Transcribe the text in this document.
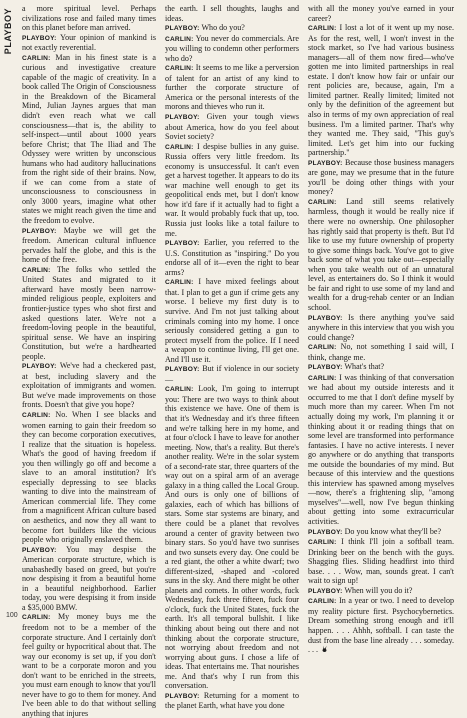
PLAYBOY a more spiritual level. Perhaps civilizations rose and failed many times on this planet before man arrived.

PLAYBOY: Your opinion of mankind is not exactly reverential.

CARLIN: Man in his finest state is a curious and investigative creature capable of the magic of creativity. In a book called The Origin of Consciousness in the Breakdown of the Bicameral Mind, Julian Jaynes argues that man didn't even reach what we call consciousness—that is, the ability to self-inspect—until about 1000 years before Christ; that The Iliad and The Odyssey were written by unconscious humans who had auditory hallucinations from the right side of their brains. Now, if we can come from a state of unconsciousness to consciousness in only 3000 years, imagine what other states we might reach given the time and the freedom to evolve.

PLAYBOY: Maybe we will get the freedom. American cultural influence pervades half the globe, and this is the home of the free.

CARLIN: The folks who settled the United States and migrated to it afterward have mostly been narrow-minded religious people, exploiters and frontier-justice types who shot first and asked questions later. We're not a freedom-loving people in the beautiful, spiritual sense. We have an inspiring Constitution, but we're a hardhearted people.

PLAYBOY: We've had a checkered past, at best, including slavery and the exploitation of immigrants and women. But we've made improvements on those fronts. Doesn't that give you hope?

CARLIN: No. When I see blacks and women earning to gain their freedom so they can become corporation executives, I realize that the situation is hopeless. What's the good of having freedom if you then willingly go off and become a slave to an amoral institution? It's especially depressing to see blacks wanting to dive into the mainstream of American commercial life. They come from a magnificent African culture based on aesthetics, and now they all want to become fort builders like the vicious people who originally enslaved them.

PLAYBOY: You may despise the American corporate structure, which is unabashedly based on greed, but you're now despising it from a beautiful home in a beautiful neighborhood. Earlier today, you were despising it from inside a $35,000 BMW.

CARLIN: My money buys me the freedom not to be a member of the corporate structure. And I certainly don't feel guilty or hypocritical about that. The way our economy is set up, if you don't want to be a corporate moron and you don't want to be enriched in the streets, you must earn enough to know that you'll never have to go to them for money. And I've been able to do that without selling anything that injures

the earth. I sell thoughts, laughs and ideas.

PLAYBOY: Who do you?

CARLIN: You never do commercials. Are you willing to condemn other performers who do?

CARLIN: It seems to me like a perversion of talent for an artist of any kind to further the corporate structure of America or the personal interests of the morons and thieves who run it.

PLAYBOY: Given your tough views about America, how do you feel about Soviet society?

CARLIN: I despise bullies in any guise. Russia offers very little freedom. Its economy is unsuccessful. It can't even get a harvest together. It appears to do its war machine well enough to get its geopolitical ends met, but I don't know how it'd fare if it actually had to fight a war. It would probably fuck that up, too. Russia just looks like a total failure to me.

PLAYBOY: Earlier, you referred to the U.S. Constitution as "inspiring." Do you endorse all of it—even the right to bear arms?

CARLIN: I have mixed feelings about that. I plan to get a gun if crime gets any worse. I believe my first duty is to survive. And I'm not just talking about criminals coming into my home. I once seriously considered getting a gun to protect myself from the police. If I need a weapon to continue living, I'll get one. And I'll use it.

PLAYBOY: But if violence in our society—

CARLIN: Look, I'm going to interrupt you: There are two ways to think about this existence we have. One of them is that it's Wednesday and it's three fifteen and we're talking here in my home, and at four o'clock I have to leave for another meeting. Now, that's a reality. But there's another reality. We're in the solar system of a second-rate star, three quarters of the way out on a spiral arm of an average galaxy in a thing called the Local Group. And ours is only one of billions of galaxies, each of which has billions of stars. Some star systems are binary, and there could be a planet that revolves around a center of gravity between two binary stars. So you'd have two sunrises and two sunsets every day. One could be a red giant, the other a white dwarf; two different-sized, -shaped and -colored suns in the sky. And there might be other planets and comets. In other words, fuck Wednesday, fuck three fifteen, fuck four o'clock, fuck the United States, fuck the earth. It's all temporal bullshit. I like thinking about being out there and not thinking about the corporate structure, not worrying about freedom and not worrying about guns. I chose a life of ideas. That entertains me. That nourishes me. And that's why I run from this conversation.

PLAYBOY: Returning for a moment to the planet Earth, what have you done

with all the money you've earned in your career?

CARLIN: I lost a lot of it went up my nose. As for the rest, well, I won't invest in the stock market, so I've had various business managers—all of them now fired—who've gotten me into limited partnerships in real estate. I don't know how fair or unfair our rent policies are, because, again, I'm a limited partner. Really limited; limited not only by the definition of the agreement but also in terms of my own appreciation of real business. I'm a limited partner. That's why they wanted me. They said, "This guy's limited. Let's get him into our fucking partnership."

PLAYBOY: Because those business managers are gone, may we presume that in the future you'll be doing other things with your money?

CARLIN: Land still seems relatively harmless, though it would be really nice if there were no ownership. One philosopher has rightly said that property is theft. But I'd like to use my future ownership of property to give some things back. You've got to give back some of what you take out—especially when you take wealth out of an unnatural level, as entertainers do. So I think it would be fair and right to use some of my land and wealth for a drug-rehab center or an Indian school.

PLAYBOY: Is there anything you've said anywhere in this interview that you wish you could change?

CARLIN: No, not something I said will, I think, change me.

PLAYBOY: What's that?

CARLIN: I was thinking of that conversation we had about my outside interests and it occurred to me that I don't define myself by much more than my career. When I'm not actually doing my work, I'm planning it or thinking about it or reading things that on some level are transformed into performance fantasies. I have no active interests. I never go anywhere or do anything that transports me outside the boundaries of my mind. But because of this interview and the questions this interview has spawned among myselves—now, there's a frightening slip, "among myselves"—well, now I've begun thinking about getting into some extracurricular activities.

PLAYBOY: Do you know what they'll be?

CARLIN: I think I'll join a softball team. Drinking beer on the bench with the guys. Shagging flies. Sliding headfirst into third base. . . . Wow, man, sounds great. I can't wait to sign up!

PLAYBOY: When will you do it?

CARLIN: In a year or two. I need to develop my reality picture first. Psychocybernetics. Dream something strong enough and it'll happen. . . . Ahhh, softball. I can taste the dust from the base line already . . . someday. . . .

100
